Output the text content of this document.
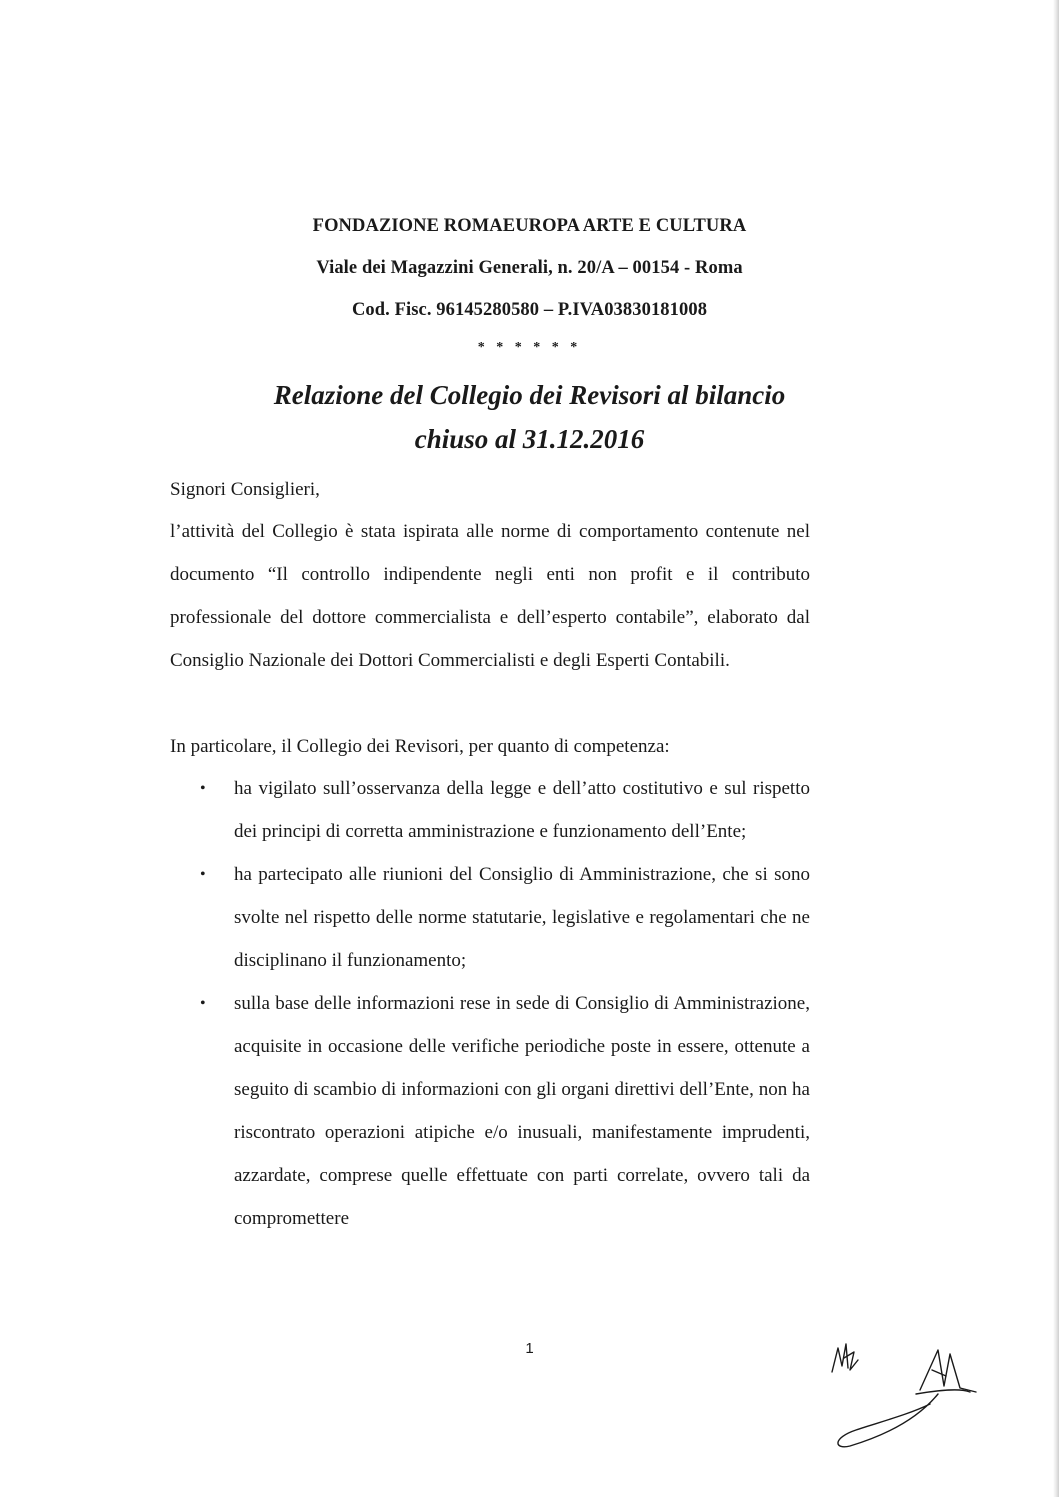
FONDAZIONE ROMAEUROPA ARTE E CULTURA
Viale dei Magazzini Generali, n. 20/A – 00154 - Roma
Cod. Fisc. 96145280580 – P.IVA03830181008
* * * * * *
Relazione del Collegio dei Revisori al bilancio
chiuso al 31.12.2016
Signori Consiglieri,
l’attività del Collegio è stata ispirata alle norme di comportamento contenute nel documento “Il controllo indipendente negli enti non profit e il contributo professionale del dottore commercialista e dell’esperto contabile”, elaborato dal Consiglio Nazionale dei Dottori Commercialisti e degli Esperti Contabili.
In particolare, il Collegio dei Revisori, per quanto di competenza:
• ha vigilato sull’osservanza della legge e dell’atto costitutivo e sul rispetto dei principi di corretta amministrazione e funzionamento dell’Ente;
• ha partecipato alle riunioni del Consiglio di Amministrazione, che si sono svolte nel rispetto delle norme statutarie, legislative e regolamentari che ne disciplinano il funzionamento;
• sulla base delle informazioni rese in sede di Consiglio di Amministrazione, acquisite in occasione delle verifiche periodiche poste in essere, ottenute a seguito di scambio di informazioni con gli organi direttivi dell’Ente, non ha riscontrato operazioni atipiche e/o inusuali, manifestamente imprudenti, azzardate, comprese quelle effettuate con parti correlate, ovvero tali da compromettere
1
